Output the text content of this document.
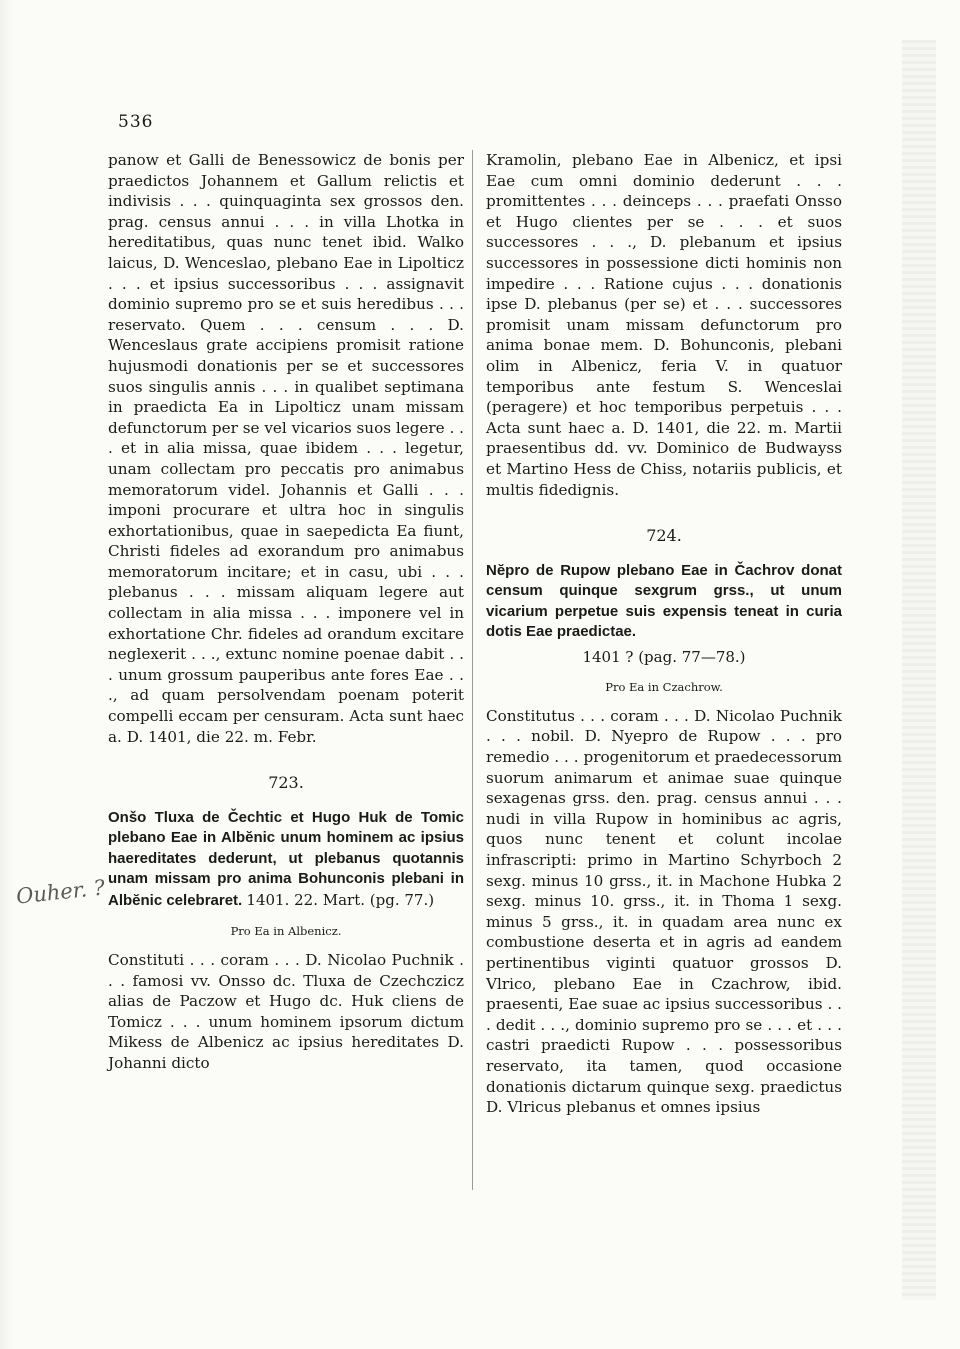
536
Ouher. ?

panow et Galli de Benessowicz de bonis per praedictos Johannem et Gallum relictis et indivisis . . . quinquaginta sex grossos den. prag. census annui . . . in villa Lhotka in hereditatibus, quas nunc tenet ibid. Walko laicus, D. Wenceslao, plebano Eae in Lipolticz . . . et ipsius successoribus . . . assignavit dominio supremo pro se et suis heredibus . . . reservato. Quem . . . censum . . . D. Wenceslaus grate accipiens promisit ratione hujusmodi donationis per se et successores suos singulis annis . . . in qualibet septimana in praedicta Ea in Lipolticz unam missam defunctorum per se vel vicarios suos legere . . . et in alia missa, quae ibidem . . . legetur, unam collectam pro peccatis pro animabus memoratorum videl. Johannis et Galli . . . imponi procurare et ultra hoc in singulis exhortationibus, quae in saepedicta Ea fiunt, Christi fideles ad exorandum pro animabus memoratorum incitare; et in casu, ubi . . . plebanus . . . missam aliquam legere aut collectam in alia missa . . . imponere vel in exhortatione Chr. fideles ad orandum excitare neglexerit . . ., extunc nomine poenae dabit . . . unum grossum pauperibus ante fores Eae . . ., ad quam persolvendam poenam poterit compelli eccam per censuram. Acta sunt haec a. D. 1401, die 22. m. Febr.

723.
Onšo Tluxa de Čechtic et Hugo Huk de Tomic plebano Eae in Albĕnic unum hominem ac ipsius haereditates dederunt, ut plebanus quotannis unam missam pro anima Bohunconis plebani in Albĕnic celebraret. 1401. 22. Mart. (pg. 77.)
Pro Ea in Albenicz.

Constituti . . . coram . . . D. Nicolao Puchnik . . . famosi vv. Onsso dc. Tluxa de Czechczicz alias de Paczow et Hugo dc. Huk cliens de Tomicz . . . unum hominem ipsorum dictum Mikess de Albenicz ac ipsius hereditates D. Johanni dicto

Kramolin, plebano Eae in Albenicz, et ipsi Eae cum omni dominio dederunt . . . promittentes . . . deinceps . . . praefati Onsso et Hugo clientes per se . . . et suos successores . . ., D. plebanum et ipsius successores in possessione dicti hominis non impedire . . . Ratione cujus . . . donationis ipse D. plebanus (per se) et . . . successores promisit unam missam defunctorum pro anima bonae mem. D. Bohunconis, plebani olim in Albenicz, feria V. in quatuor temporibus ante festum S. Wenceslai (peragere) et hoc temporibus perpetuis . . . Acta sunt haec a. D. 1401, die 22. m. Martii praesentibus dd. vv. Dominico de Budwayss et Martino Hess de Chiss, notariis publicis, et multis fidedignis.

724.
Nĕpro de Rupow plebano Eae in Čachrov donat censum quinque sexgrum grss., ut unum vicarium perpetue suis expensis teneat in curia dotis Eae praedictae.
1401 ? (pag. 77—78.)
Pro Ea in Czachrow.

Constitutus . . . coram . . . D. Nicolao Puchnik . . . nobil. D. Nyepro de Rupow . . . pro remedio . . . progenitorum et praedecessorum suorum animarum et animae suae quinque sexagenas grss. den. prag. census annui . . . nudi in villa Rupow in hominibus ac agris, quos nunc tenent et colunt incolae infrascripti: primo in Martino Schyrboch 2 sexg. minus 10 grss., it. in Machone Hubka 2 sexg. minus 10. grss., it. in Thoma 1 sexg. minus 5 grss., it. in quadam area nunc ex combustione deserta et in agris ad eandem pertinentibus viginti quatuor grossos D. Vlrico, plebano Eae in Czachrow, ibid. praesenti, Eae suae ac ipsius successoribus . . . dedit . . ., dominio supremo pro se . . . et . . . castri praedicti Rupow . . . possessoribus reservato, ita tamen, quod occasione donationis dictarum quinque sexg. praedictus D. Vlricus plebanus et omnes ipsius
